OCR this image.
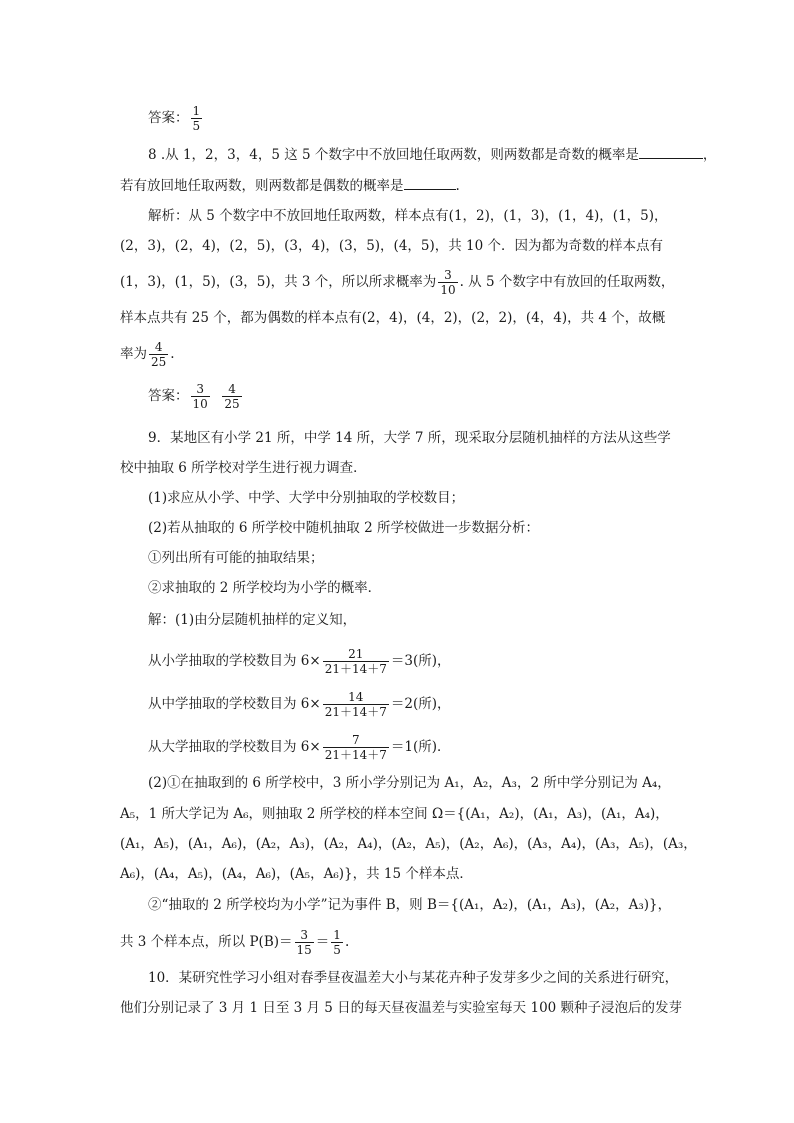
答案： $\frac{1}{5}$
8 .从 1，2，3，4，5 这 5 个数字中不放回地任取两数，则两数都是奇数的概率是	，
若有放回地任取两数，则两数都是偶数的概率是	.
解析：从 5 个数字中不放回地任取两数，样本点有(1，2)，(1，3)，(1，4)，(1，5)，
(2，3)，(2，4)，(2，5)，(3，4)，(3，5)，(4，5)，共 10 个．因为都为奇数的样本点有
(1，3)，(1，5)，(3，5)，共 3 个，所以所求概率为 $\frac{3}{10}$ . 从 5 个数字中有放回的任取两数，
样本点共有 25 个，都为偶数的样本点有(2，4)，(4，2)，(2，2)，(4，4)，共 4 个，故概
率为 $\frac{4}{25}$ .
答案： $\frac{3}{10}$
$\frac{4}{25}$
9．某地区有小学 21 所，中学 14 所，大学 7 所，现采取分层随机抽样的方法从这些学
校中抽取 6 所学校对学生进行视力调查．
(1)求应从小学、中学、大学中分别抽取的学校数目；
(2)若从抽取的 6 所学校中随机抽取 2 所学校做进一步数据分析：
①列出所有可能的抽取结果；
②求抽取的 2 所学校均为小学的概率．
解：(1)由分层随机抽样的定义知，
从小学抽取的学校数目为 $6\times \frac{21}{21+14+7} =3$(所)，
从中学抽取的学校数目为 $6\times \frac{14}{21+14+7} =2$(所)，
从大学抽取的学校数目为 $6\times \frac{7}{21+14+7} =1$(所)．
(2)①在抽取到的 6 所学校中，3 所小学分别记为 A₁，A₂，A₃，2 所中学分别记为 A₄，
A₅，1 所大学记为 A₆，则抽取 2 所学校的样本空间 Ω＝{(A₁，A₂)，(A₁，A₃)，(A₁，A₄)，
(A₁，A₅)，(A₁，A₆)，(A₂，A₃)，(A₂，A₄)，(A₂，A₅)，(A₂，A₆)，(A₃，A₄)，(A₃，A₅)，(A₃，
A₆)，(A₄，A₅)，(A₄，A₆)，(A₅，A₆)}，共 15 个样本点．
②“抽取的 2 所学校均为小学”记为事件 B，则 B＝{(A₁，A₂)，(A₁，A₃)，(A₂，A₃)}，
共 3 个样本点，所以 $P(B)= \frac{3}{15} = \frac{1}{5}$ .
10．某研究性学习小组对春季昼夜温差大小与某花卉种子发芽多少之间的关系进行研究，
他们分别记录了 3 月 1 日至 3 月 5 日的每天昼夜温差与实验室每天 100 颗种子浸泡后的发芽
